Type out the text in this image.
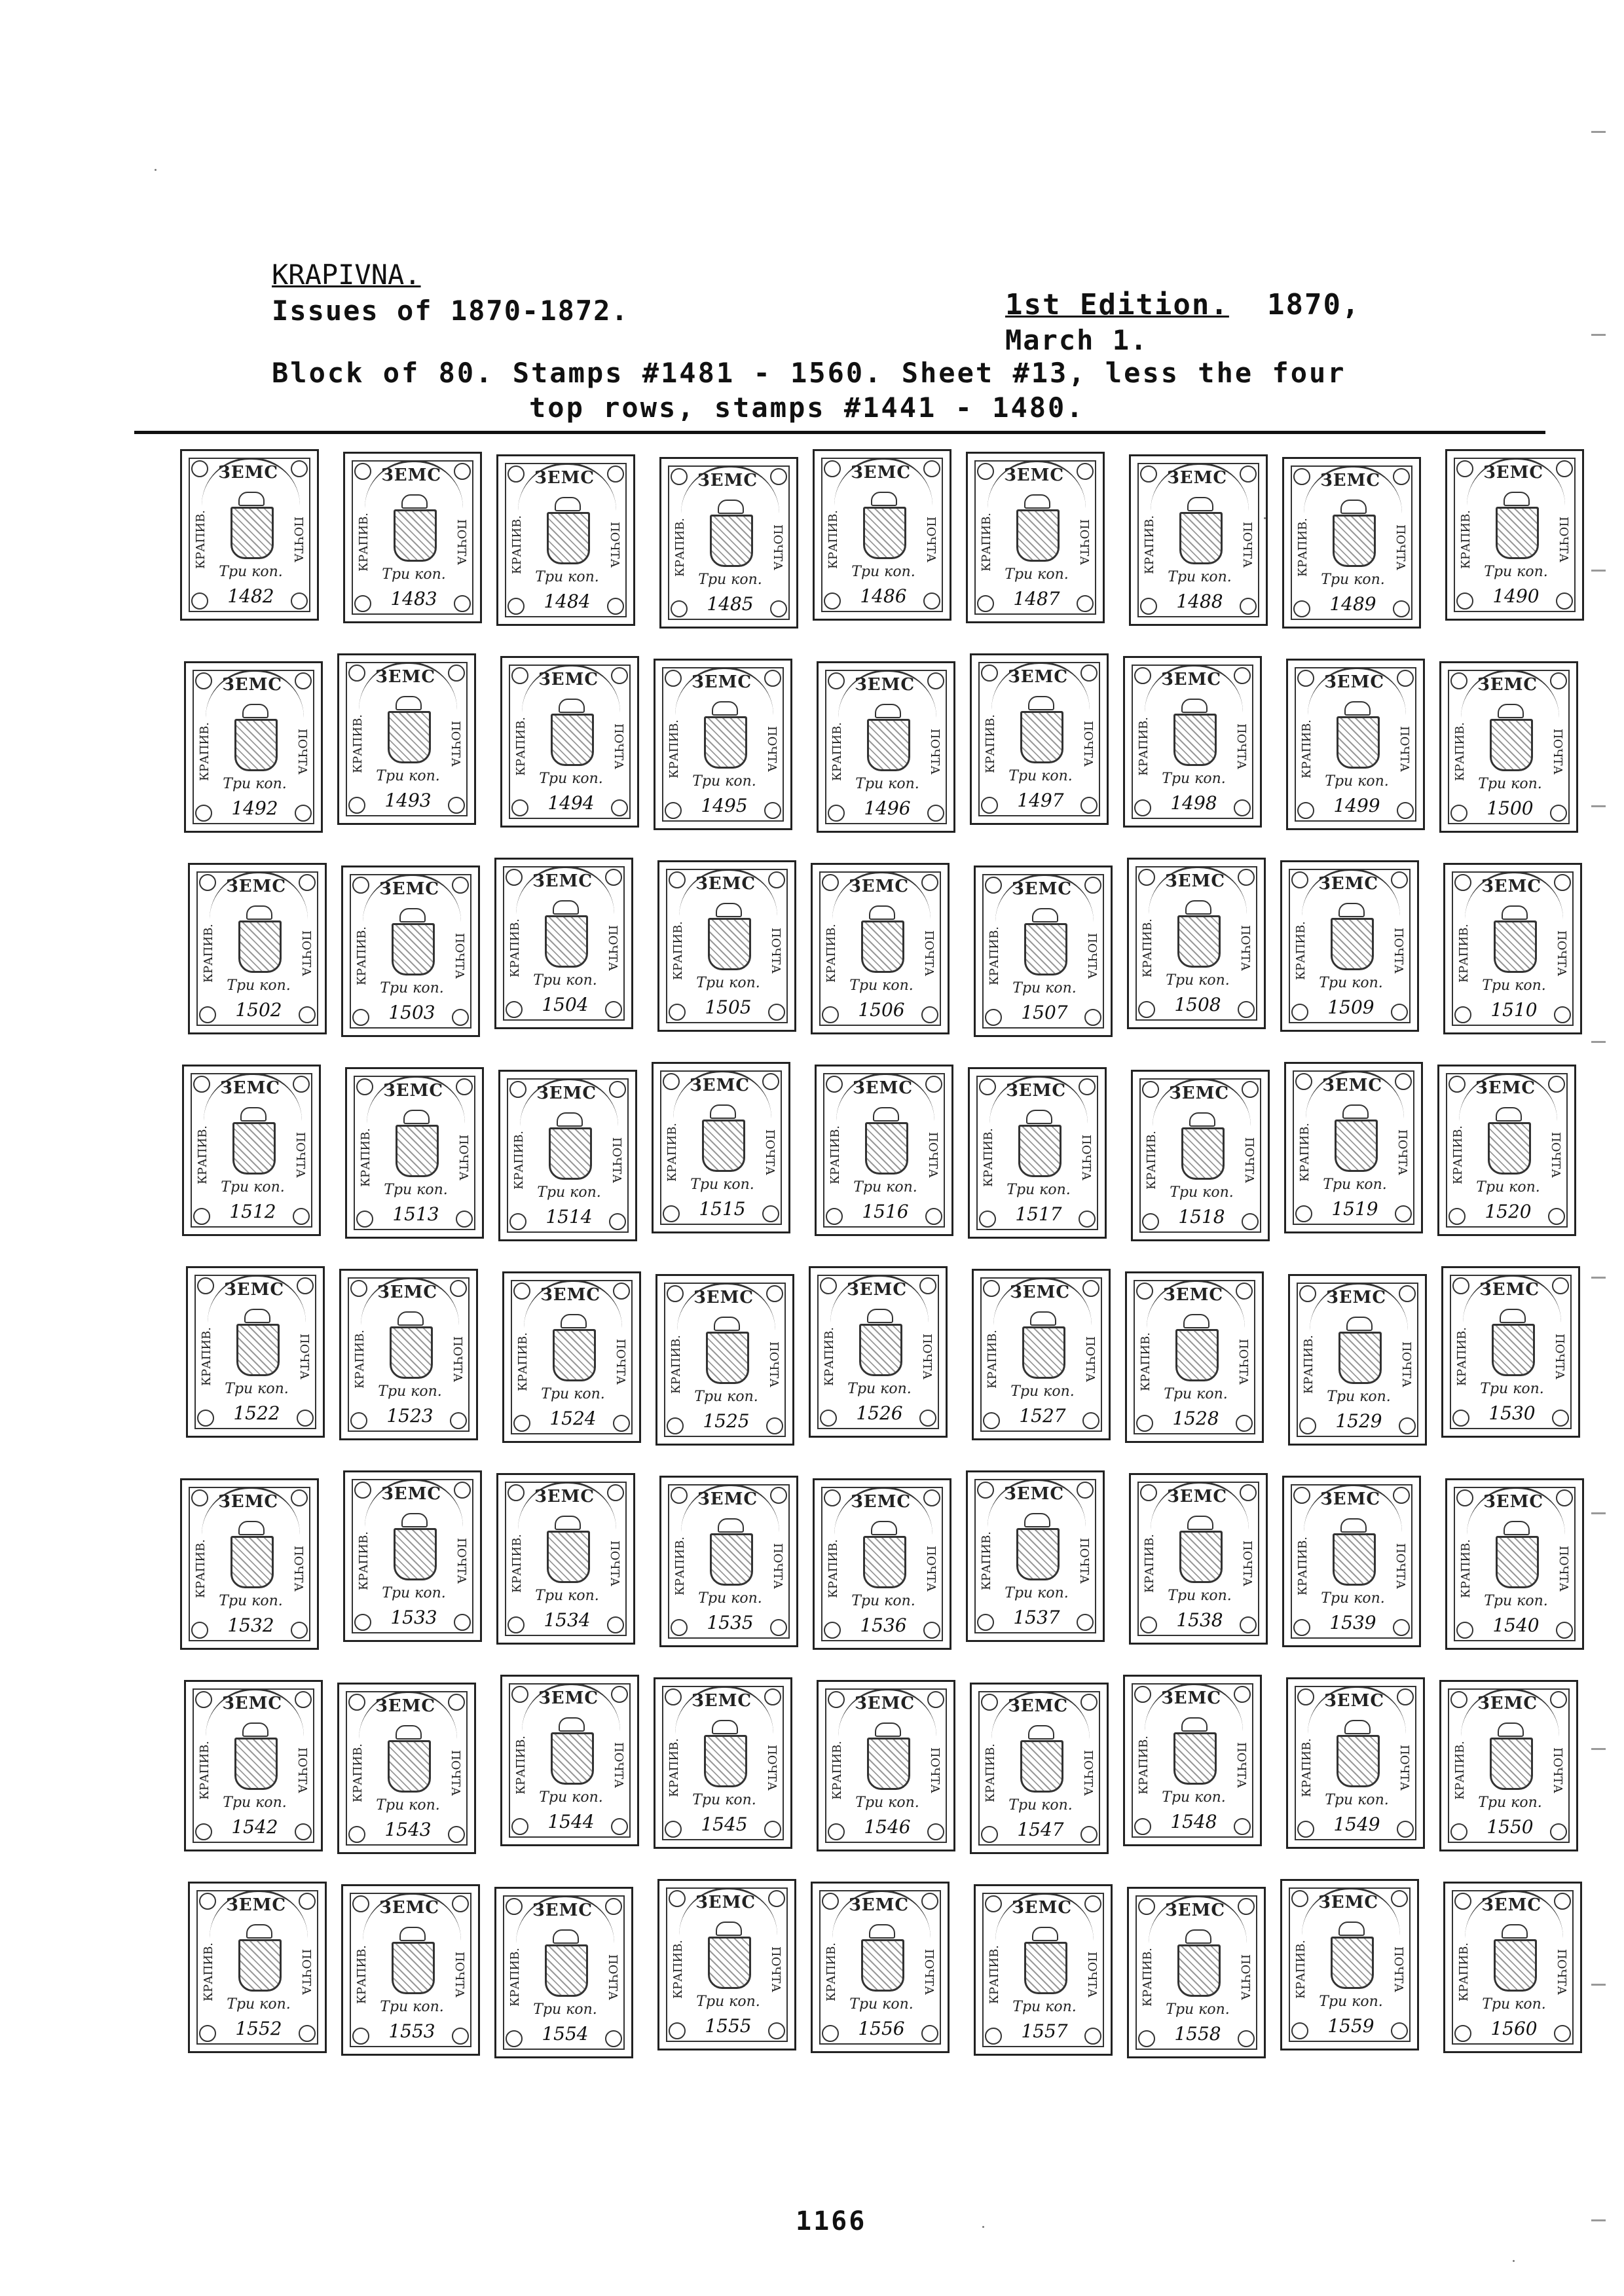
KRAPIVNA.
Issues of 1870-1872.	1st Edition. 1870,
March 1.
Block of 80. Stamps #1481 - 1560. Sheet #13, less the four
top rows, stamps #1441 - 1480.
ЗЕМС
КРАПИВ.	ПОЧТА
Три коп.
1482
ЗЕМС
КРАПИВ.	ПОЧТА
Три коп.
1483
ЗЕМС
КРАПИВ.	ПОЧТА
Три коп.
1484
ЗЕМС
КРАПИВ.	ПОЧТА
Три коп.
1485
ЗЕМС
КРАПИВ.	ПОЧТА
Три коп.
1486
ЗЕМС
КРАПИВ.	ПОЧТА
Три коп.
1487
ЗЕМС
КРАПИВ.	ПОЧТА
Три коп.
1488
ЗЕМС
КРАПИВ.	ПОЧТА
Три коп.
1489
ЗЕМС
КРАПИВ.	ПОЧТА
Три коп.
1490
ЗЕМС
КРАПИВ.	ПОЧТА
Три коп.
1492
ЗЕМС
КРАПИВ.	ПОЧТА
Три коп.
1493
ЗЕМС
КРАПИВ.	ПОЧТА
Три коп.
1494
ЗЕМС
КРАПИВ.	ПОЧТА
Три коп.
1495
ЗЕМС
КРАПИВ.	ПОЧТА
Три коп.
1496
ЗЕМС
КРАПИВ.	ПОЧТА
Три коп.
1497
ЗЕМС
КРАПИВ.	ПОЧТА
Три коп.
1498
ЗЕМС
КРАПИВ.	ПОЧТА
Три коп.
1499
ЗЕМС
КРАПИВ.	ПОЧТА
Три коп.
1500
ЗЕМС
КРАПИВ.	ПОЧТА
Три коп.
1502
ЗЕМС
КРАПИВ.	ПОЧТА
Три коп.
1503
ЗЕМС
КРАПИВ.	ПОЧТА
Три коп.
1504
ЗЕМС
КРАПИВ.	ПОЧТА
Три коп.
1505
ЗЕМС
КРАПИВ.	ПОЧТА
Три коп.
1506
ЗЕМС
КРАПИВ.	ПОЧТА
Три коп.
1507
ЗЕМС
КРАПИВ.	ПОЧТА
Три коп.
1508
ЗЕМС
КРАПИВ.	ПОЧТА
Три коп.
1509
ЗЕМС
КРАПИВ.	ПОЧТА
Три коп.
1510
ЗЕМС
КРАПИВ.	ПОЧТА
Три коп.
1512
ЗЕМС
КРАПИВ.	ПОЧТА
Три коп.
1513
ЗЕМС
КРАПИВ.	ПОЧТА
Три коп.
1514
ЗЕМС
КРАПИВ.	ПОЧТА
Три коп.
1515
ЗЕМС
КРАПИВ.	ПОЧТА
Три коп.
1516
ЗЕМС
КРАПИВ.	ПОЧТА
Три коп.
1517
ЗЕМС
КРАПИВ.	ПОЧТА
Три коп.
1518
ЗЕМС
КРАПИВ.	ПОЧТА
Три коп.
1519
ЗЕМС
КРАПИВ.	ПОЧТА
Три коп.
1520
ЗЕМС
КРАПИВ.	ПОЧТА
Три коп.
1522
ЗЕМС
КРАПИВ.	ПОЧТА
Три коп.
1523
ЗЕМС
КРАПИВ.	ПОЧТА
Три коп.
1524
ЗЕМС
КРАПИВ.	ПОЧТА
Три коп.
1525
ЗЕМС
КРАПИВ.	ПОЧТА
Три коп.
1526
ЗЕМС
КРАПИВ.	ПОЧТА
Три коп.
1527
ЗЕМС
КРАПИВ.	ПОЧТА
Три коп.
1528
ЗЕМС
КРАПИВ.	ПОЧТА
Три коп.
1529
ЗЕМС
КРАПИВ.	ПОЧТА
Три коп.
1530
ЗЕМС
КРАПИВ.	ПОЧТА
Три коп.
1532
ЗЕМС
КРАПИВ.	ПОЧТА
Три коп.
1533
ЗЕМС
КРАПИВ.	ПОЧТА
Три коп.
1534
ЗЕМС
КРАПИВ.	ПОЧТА
Три коп.
1535
ЗЕМС
КРАПИВ.	ПОЧТА
Три коп.
1536
ЗЕМС
КРАПИВ.	ПОЧТА
Три коп.
1537
ЗЕМС
КРАПИВ.	ПОЧТА
Три коп.
1538
ЗЕМС
КРАПИВ.	ПОЧТА
Три коп.
1539
ЗЕМС
КРАПИВ.	ПОЧТА
Три коп.
1540
ЗЕМС
КРАПИВ.	ПОЧТА
Три коп.
1542
ЗЕМС
КРАПИВ.	ПОЧТА
Три коп.
1543
ЗЕМС
КРАПИВ.	ПОЧТА
Три коп.
1544
ЗЕМС
КРАПИВ.	ПОЧТА
Три коп.
1545
ЗЕМС
КРАПИВ.	ПОЧТА
Три коп.
1546
ЗЕМС
КРАПИВ.	ПОЧТА
Три коп.
1547
ЗЕМС
КРАПИВ.	ПОЧТА
Три коп.
1548
ЗЕМС
КРАПИВ.	ПОЧТА
Три коп.
1549
ЗЕМС
КРАПИВ.	ПОЧТА
Три коп.
1550
ЗЕМС
КРАПИВ.	ПОЧТА
Три коп.
1552
ЗЕМС
КРАПИВ.	ПОЧТА
Три коп.
1553
ЗЕМС
КРАПИВ.	ПОЧТА
Три коп.
1554
ЗЕМС
КРАПИВ.	ПОЧТА
Три коп.
1555
ЗЕМС
КРАПИВ.	ПОЧТА
Три коп.
1556
ЗЕМС
КРАПИВ.	ПОЧТА
Три коп.
1557
ЗЕМС
КРАПИВ.	ПОЧТА
Три коп.
1558
ЗЕМС
КРАПИВ.	ПОЧТА
Три коп.
1559
ЗЕМС
КРАПИВ.	ПОЧТА
Три коп.
1560
1166
